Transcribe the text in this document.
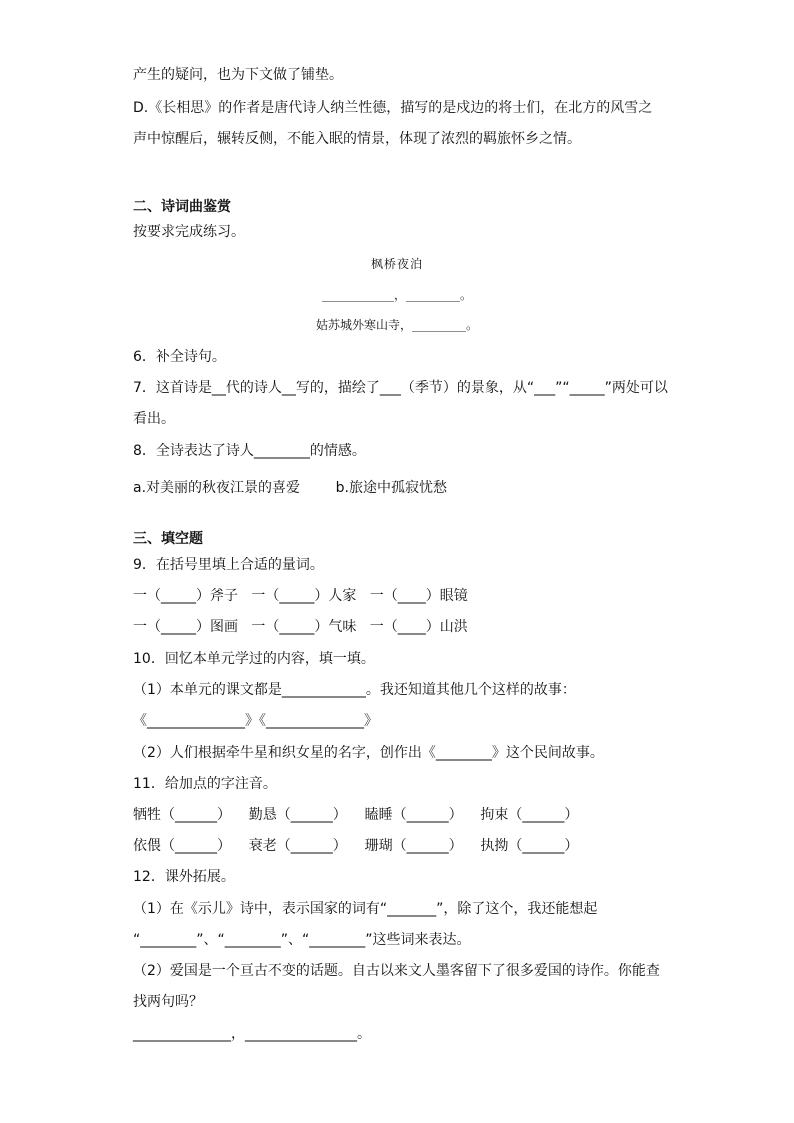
产生的疑问，也为下文做了铺垫。
D.《长相思》的作者是唐代诗人纳兰性德，描写的是戍边的将士们，在北方的风雪之
声中惊醒后，辗转反侧，不能入眠的情景，体现了浓烈的羁旅怀乡之情。
二、诗词曲鉴赏
按要求完成练习。
枫桥夜泊
____________，_________。
姑苏城外寒山寺，_________。
6．补全诗句。
7．这首诗是__代的诗人__写的，描绘了___（季节）的景象，从“___”“_____”两处可以
看出。
8．全诗表达了诗人________的情感。
a.对美丽的秋夜江景的喜爱        b.旅途中孤寂忧愁
三、填空题
9．在括号里填上合适的量词。
一（_____）斧子   一（_____）人家   一（____）眼镜
一（_____）图画   一（_____）气味   一（____）山洪
10．回忆本单元学过的内容，填一填。
（1）本单元的课文都是____________。我还知道其他几个这样的故事：
《______________》《______________》
（2）人们根据牵牛星和织女星的名字，创作出《________》这个民间故事。
11．给加点的字注音。
牺牲（______）    勤恳（______）    瞌睡（______）    拘束（______）
依偎（______）    衰老（______）    珊瑚（______）    执拗（______）
12．课外拓展。
（1）在《示儿》诗中，表示国家的词有“_______”，除了这个，我还能想起
“________”、“________”、“________”这些词来表达。
（2）爱国是一个亘古不变的话题。自古以来文人墨客留下了很多爱国的诗作。你能查
找两句吗？
______________，________________。
